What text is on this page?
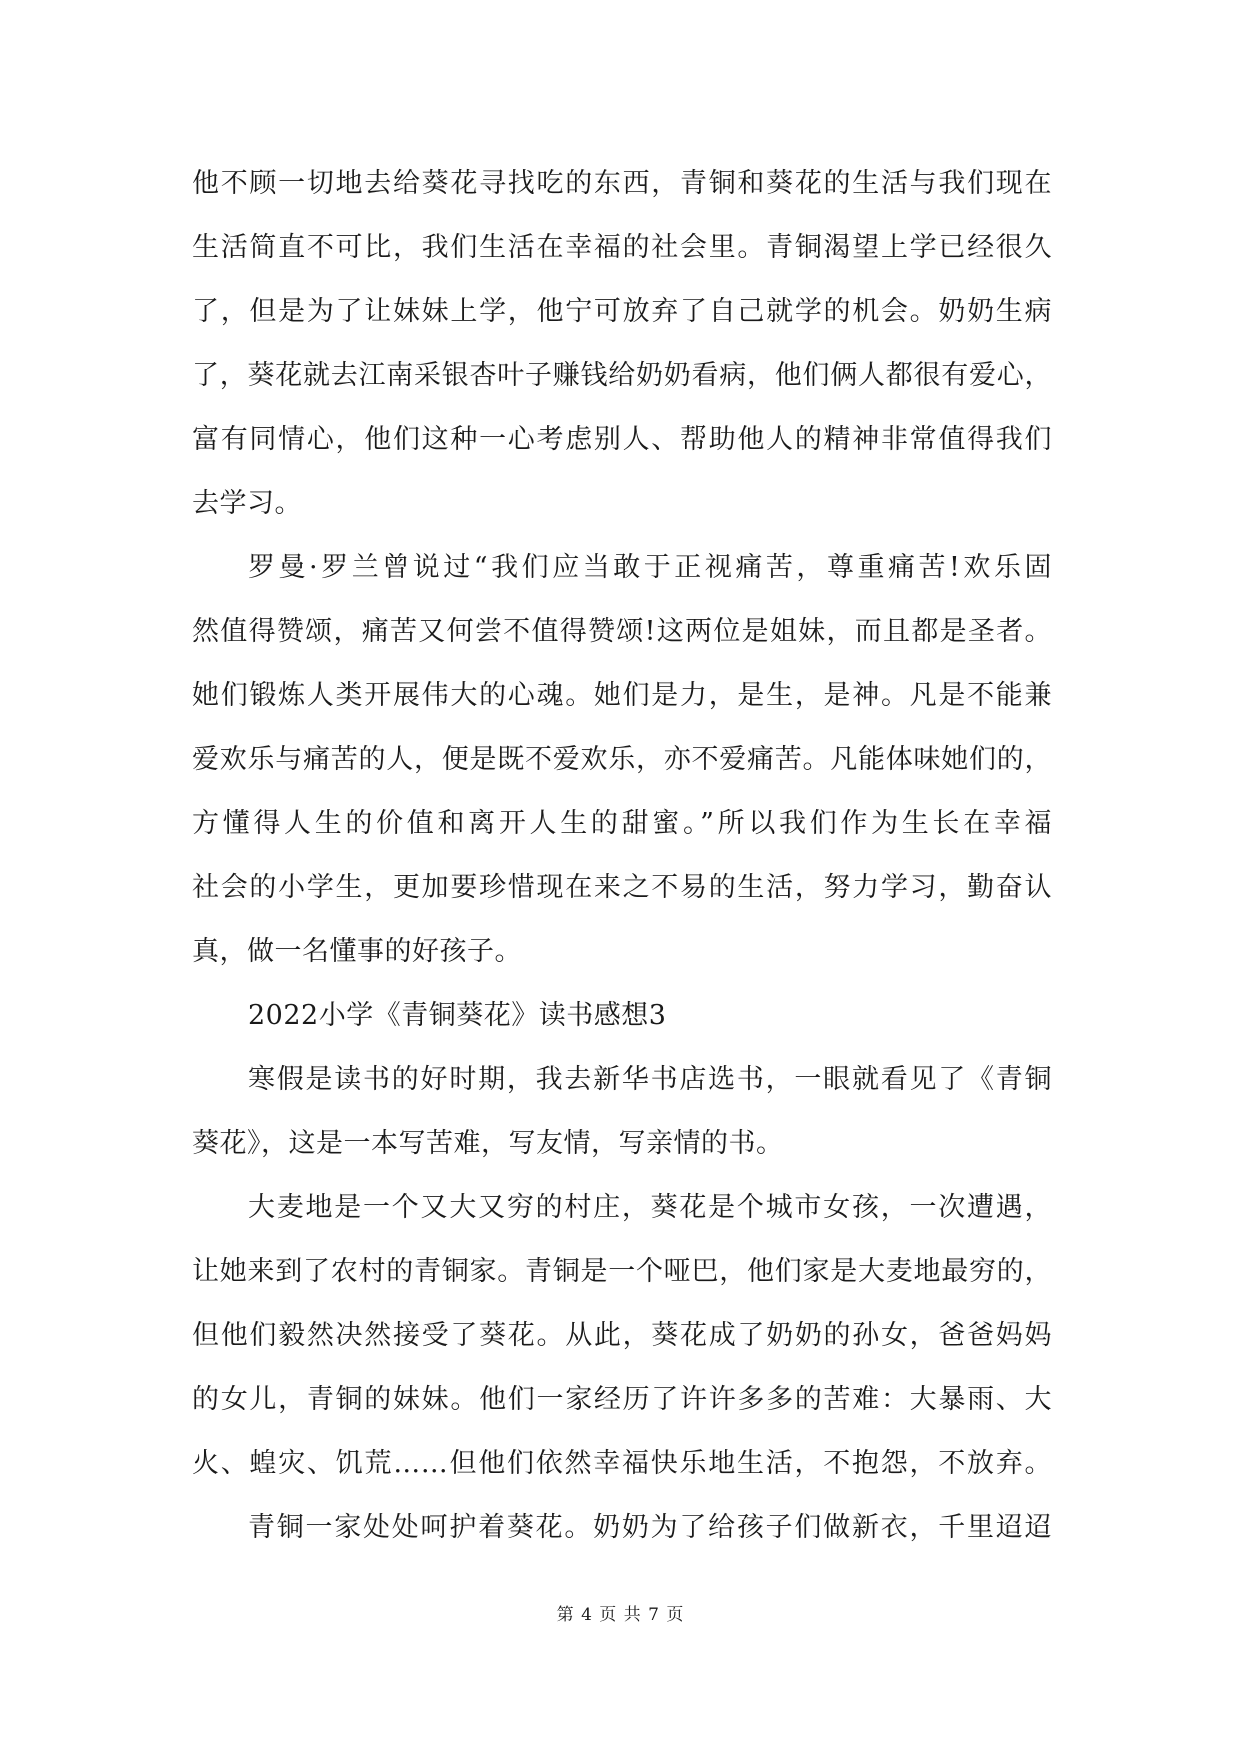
他不顾一切地去给葵花寻找吃的东西，青铜和葵花的生活与我们现在
生活简直不可比，我们生活在幸福的社会里。青铜渴望上学已经很久
了，但是为了让妹妹上学，他宁可放弃了自己就学的机会。奶奶生病
了，葵花就去江南采银杏叶子赚钱给奶奶看病，他们俩人都很有爱心，
富有同情心，他们这种一心考虑别人、帮助他人的精神非常值得我们
去学习。
罗曼·罗兰曾说过“我们应当敢于正视痛苦，尊重痛苦!欢乐固
然值得赞颂，痛苦又何尝不值得赞颂!这两位是姐妹，而且都是圣者。
她们锻炼人类开展伟大的心魂。她们是力，是生，是神。凡是不能兼
爱欢乐与痛苦的人，便是既不爱欢乐，亦不爱痛苦。凡能体味她们的，
方懂得人生的价值和离开人生的甜蜜。”所以我们作为生长在幸福
社会的小学生，更加要珍惜现在来之不易的生活，努力学习，勤奋认
真，做一名懂事的好孩子。
2022小学《青铜葵花》读书感想3
寒假是读书的好时期，我去新华书店选书，一眼就看见了《青铜
葵花》，这是一本写苦难，写友情，写亲情的书。
大麦地是一个又大又穷的村庄，葵花是个城市女孩，一次遭遇，
让她来到了农村的青铜家。青铜是一个哑巴，他们家是大麦地最穷的，
但他们毅然决然接受了葵花。从此，葵花成了奶奶的孙女，爸爸妈妈
的女儿，青铜的妹妹。他们一家经历了许许多多的苦难：大暴雨、大
火、蝗灾、饥荒……但他们依然幸福快乐地生活，不抱怨，不放弃。
青铜一家处处呵护着葵花。奶奶为了给孩子们做新衣，千里迢迢
第 4 页 共 7 页
